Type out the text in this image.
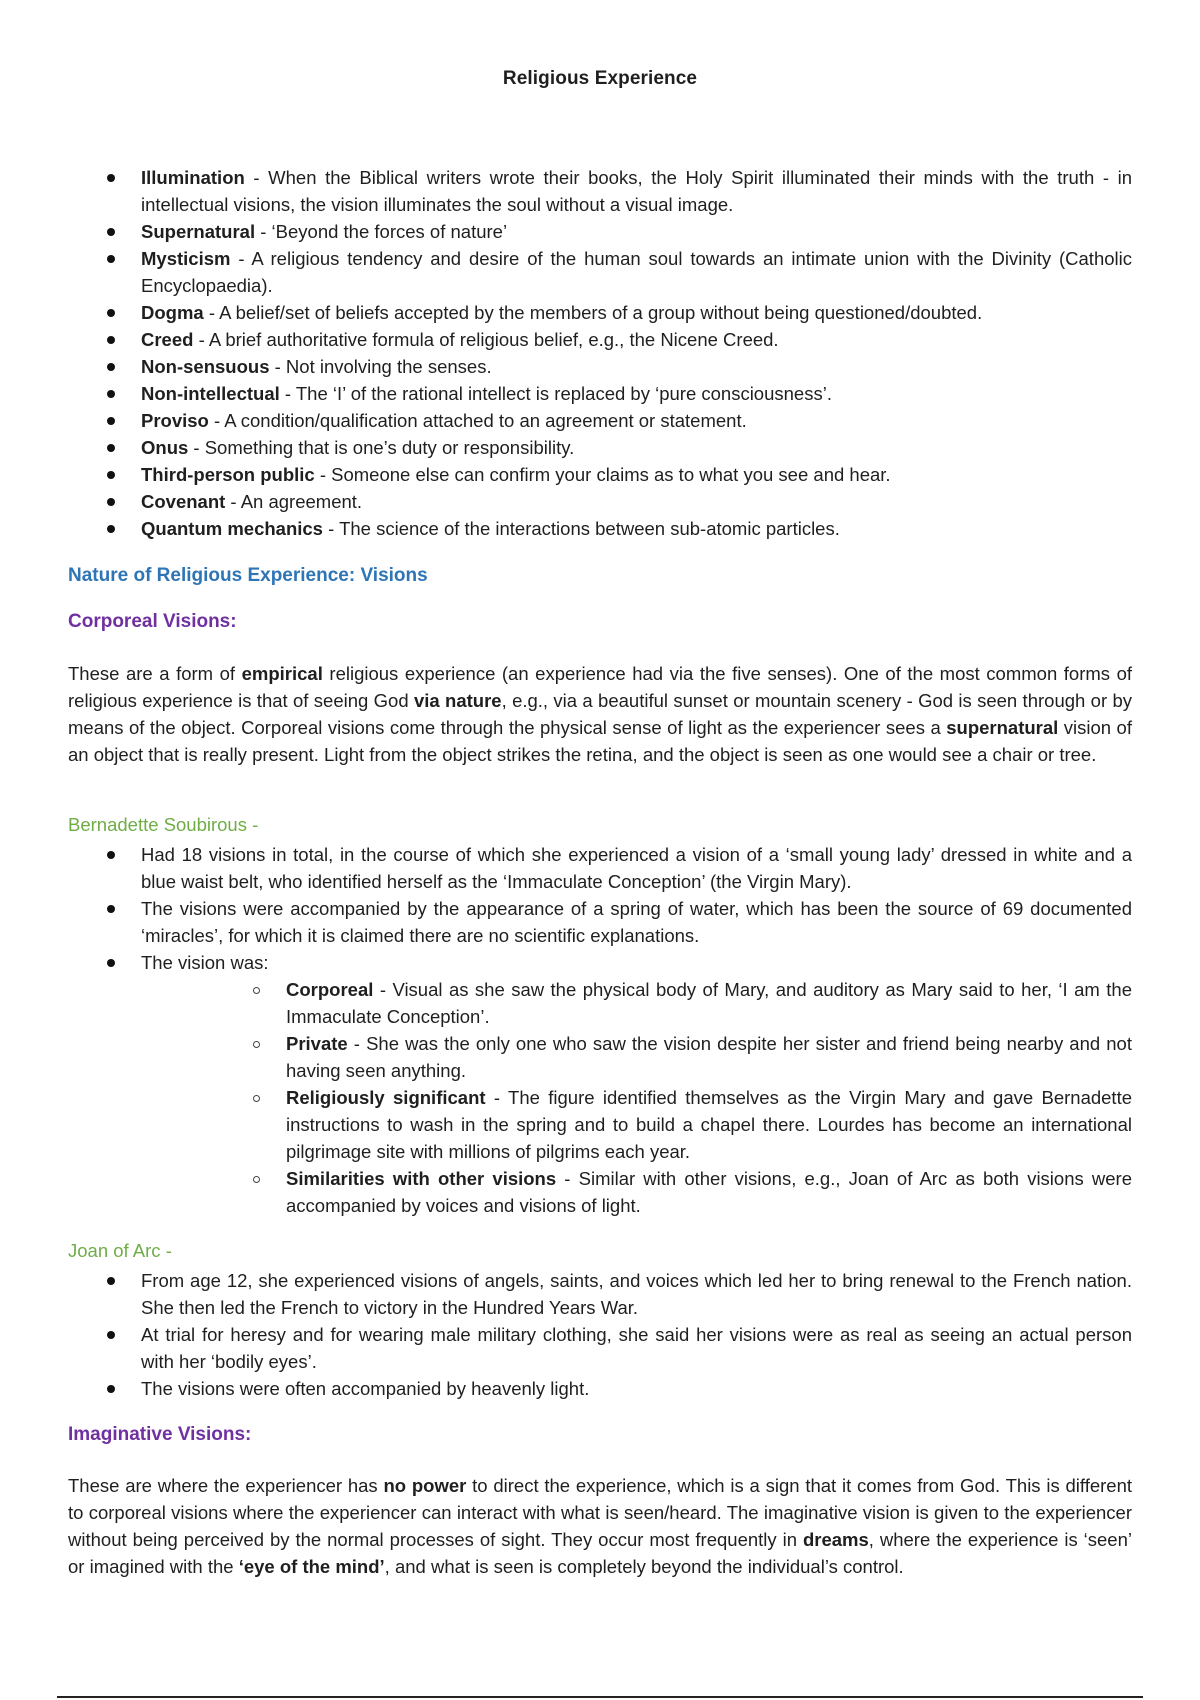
Religious Experience
Illumination - When the Biblical writers wrote their books, the Holy Spirit illuminated their minds with the truth - in intellectual visions, the vision illuminates the soul without a visual image.
Supernatural - ‘Beyond the forces of nature’
Mysticism - A religious tendency and desire of the human soul towards an intimate union with the Divinity (Catholic Encyclopaedia).
Dogma - A belief/set of beliefs accepted by the members of a group without being questioned/doubted.
Creed - A brief authoritative formula of religious belief, e.g., the Nicene Creed.
Non-sensuous - Not involving the senses.
Non-intellectual - The ‘I’ of the rational intellect is replaced by ‘pure consciousness’.
Proviso - A condition/qualification attached to an agreement or statement.
Onus - Something that is one’s duty or responsibility.
Third-person public - Someone else can confirm your claims as to what you see and hear.
Covenant - An agreement.
Quantum mechanics - The science of the interactions between sub-atomic particles.
Nature of Religious Experience: Visions
Corporeal Visions:
These are a form of empirical religious experience (an experience had via the five senses). One of the most common forms of religious experience is that of seeing God via nature, e.g., via a beautiful sunset or mountain scenery - God is seen through or by means of the object. Corporeal visions come through the physical sense of light as the experiencer sees a supernatural vision of an object that is really present. Light from the object strikes the retina, and the object is seen as one would see a chair or tree.
Bernadette Soubirous -
Had 18 visions in total, in the course of which she experienced a vision of a ‘small young lady’ dressed in white and a blue waist belt, who identified herself as the ‘Immaculate Conception’ (the Virgin Mary).
The visions were accompanied by the appearance of a spring of water, which has been the source of 69 documented ‘miracles’, for which it is claimed there are no scientific explanations.
The vision was:
Corporeal - Visual as she saw the physical body of Mary, and auditory as Mary said to her, ‘I am the Immaculate Conception’.
Private - She was the only one who saw the vision despite her sister and friend being nearby and not having seen anything.
Religiously significant - The figure identified themselves as the Virgin Mary and gave Bernadette instructions to wash in the spring and to build a chapel there. Lourdes has become an international pilgrimage site with millions of pilgrims each year.
Similarities with other visions - Similar with other visions, e.g., Joan of Arc as both visions were accompanied by voices and visions of light.
Joan of Arc -
From age 12, she experienced visions of angels, saints, and voices which led her to bring renewal to the French nation. She then led the French to victory in the Hundred Years War.
At trial for heresy and for wearing male military clothing, she said her visions were as real as seeing an actual person with her ‘bodily eyes’.
The visions were often accompanied by heavenly light.
Imaginative Visions:
These are where the experiencer has no power to direct the experience, which is a sign that it comes from God. This is different to corporeal visions where the experiencer can interact with what is seen/heard. The imaginative vision is given to the experiencer without being perceived by the normal processes of sight. They occur most frequently in dreams, where the experience is ‘seen’ or imagined with the ‘eye of the mind’, and what is seen is completely beyond the individual’s control.
